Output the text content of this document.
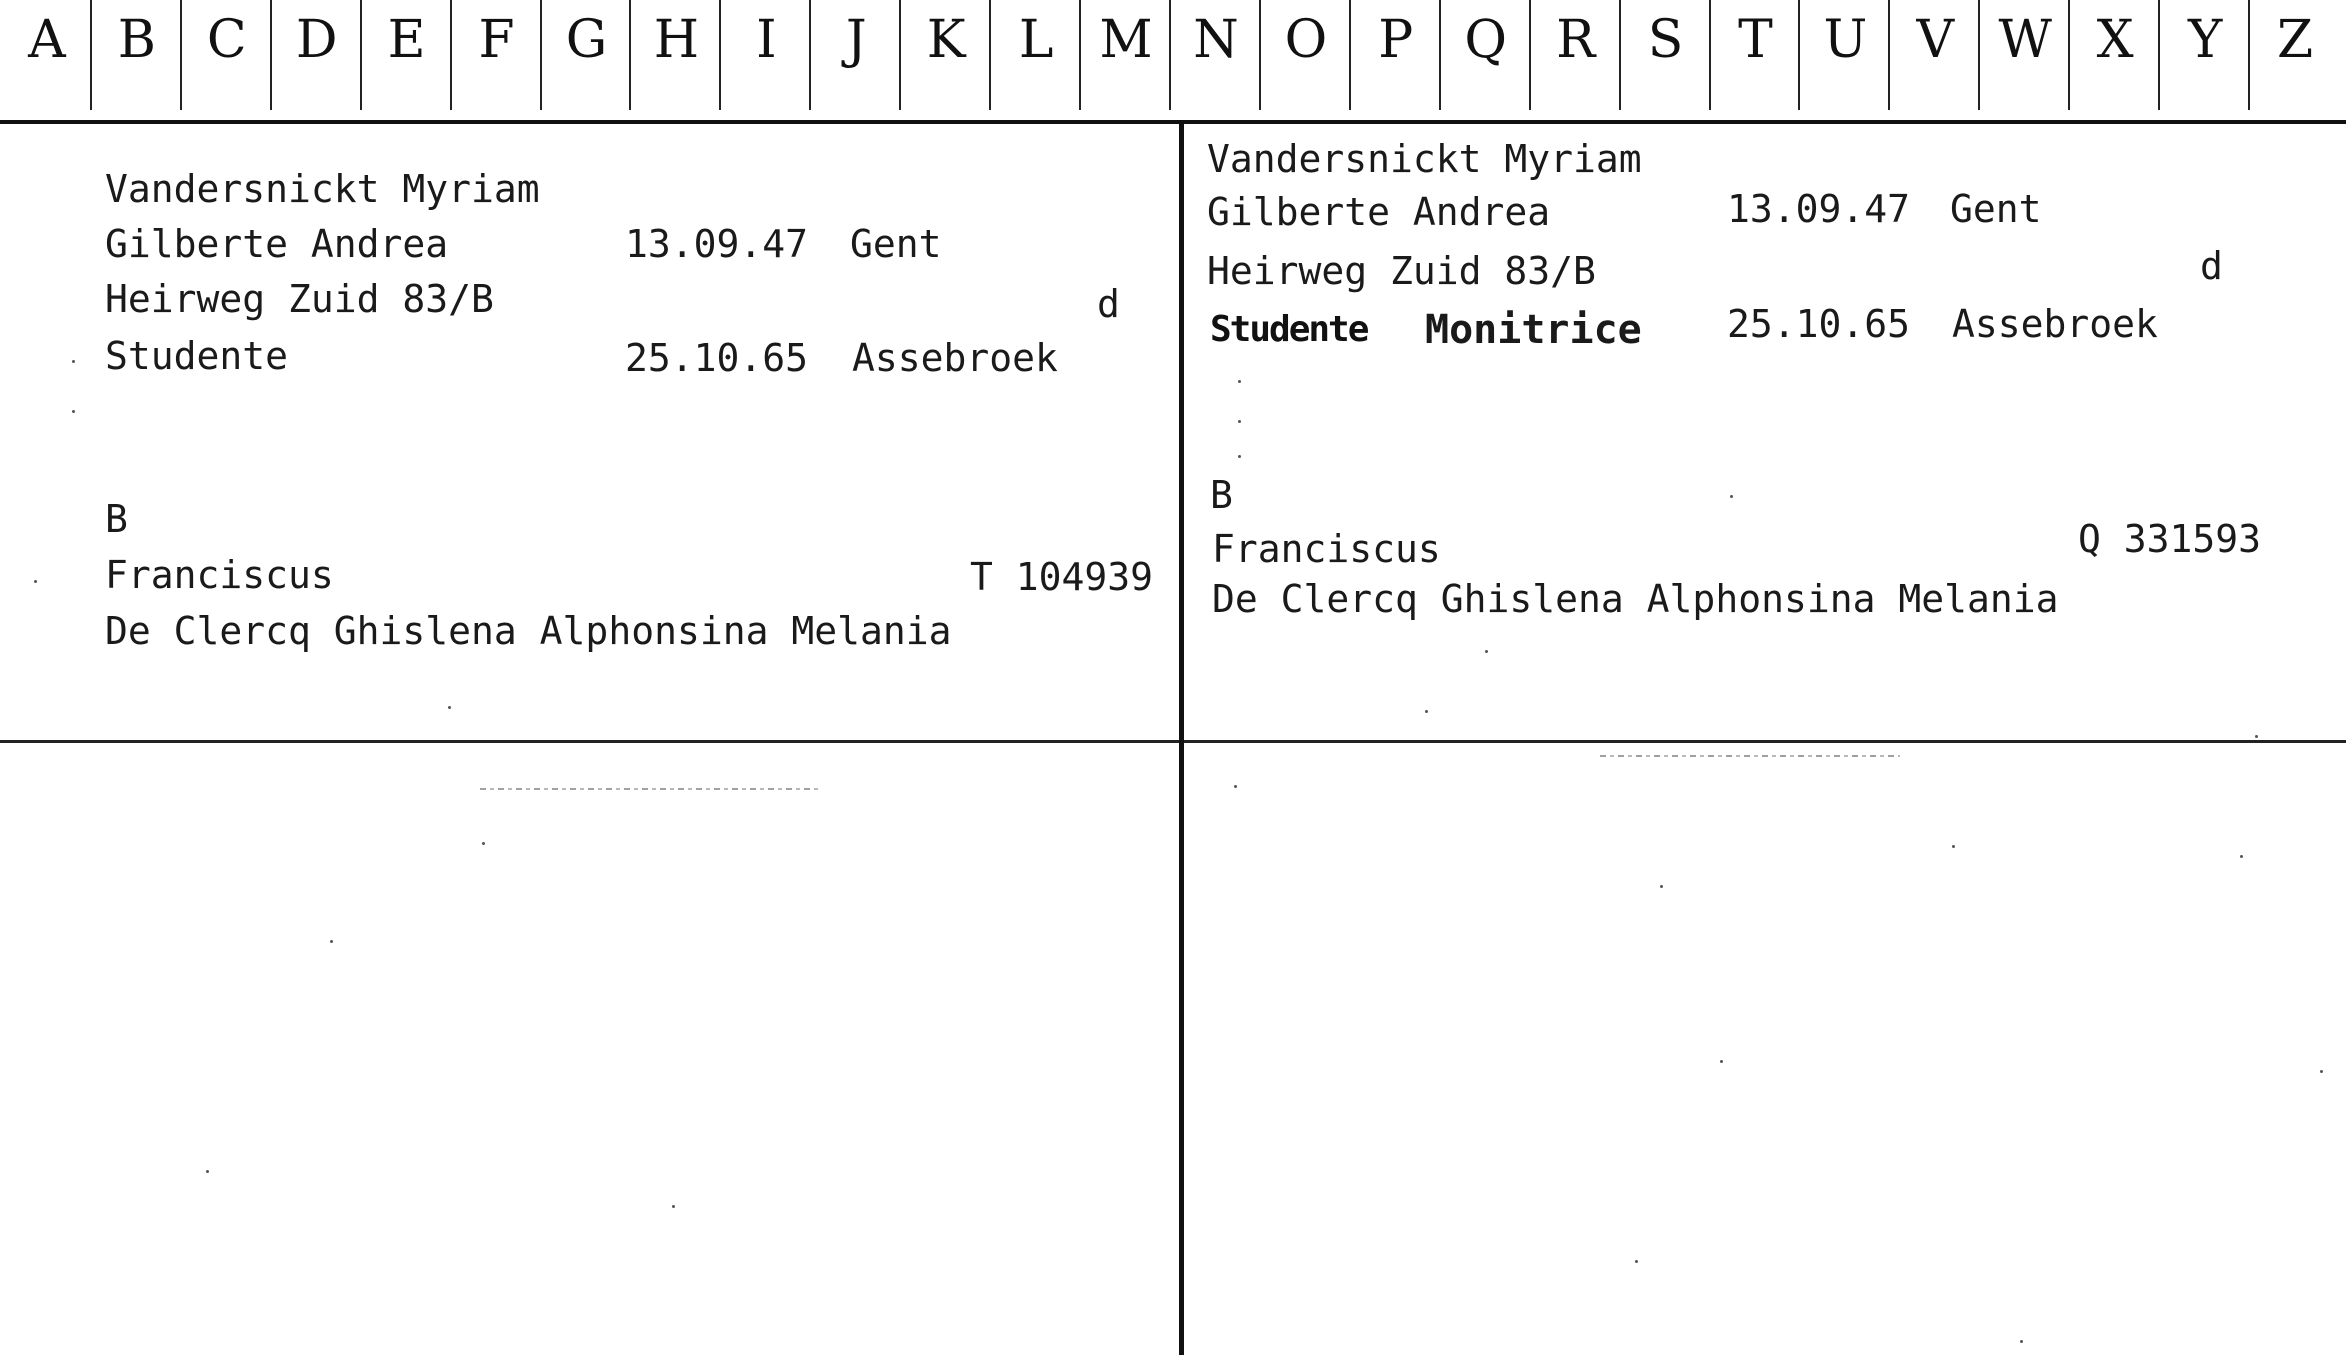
A	B C D E	F G H	I	J	K	L M N O P Q R	S	T U V W X	Y	Z
Vandersnickt Myriam
Gilberte Andrea	13.09.47 Gent
Heirweg Zuid 83/B	d
Studente	25.10.65 Assebroek
B
Franciscus	T 104939
De Clercq Ghislena Alphonsina Melania
Vandersnickt Myriam
Gilberte Andrea	13.09.47 Gent
Heirweg Zuid 83/B	d
Studente Monitrice 25.10.65 Assebroek
B
Franciscus	Q 331593
De Clercq Ghislena Alphonsina Melania
